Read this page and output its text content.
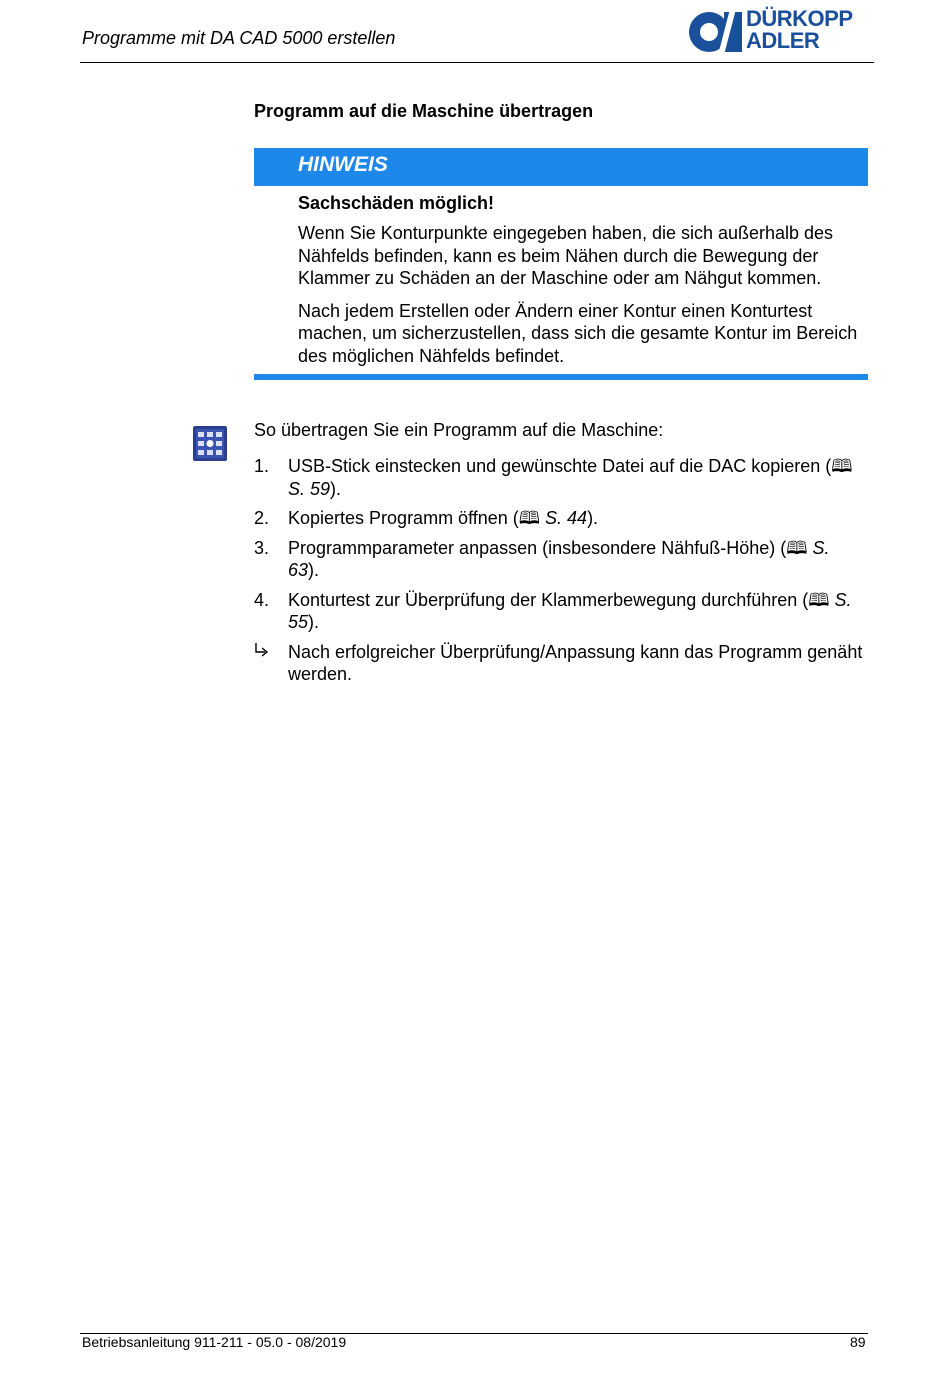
Programme mit DA CAD 5000 erstellen
DÜRKOPP
ADLER
Programm auf die Maschine übertragen
HINWEIS
Sachschäden möglich!
Wenn Sie Konturpunkte eingegeben haben, die sich außerhalb des Nähfelds befinden, kann es beim Nähen durch die Bewegung der Klammer zu Schäden an der Maschine oder am Nähgut kommen.
Nach jedem Erstellen oder Ändern einer Kontur einen Konturtest machen, um sicherzustellen, dass sich die gesamte Kontur im Bereich des möglichen Nähfelds befindet.
So übertragen Sie ein Programm auf die Maschine:
1. USB-Stick einstecken und gewünschte Datei auf die DAC kopieren (🕮 S. 59).
2. Kopiertes Programm öffnen (🕮 S. 44).
3. Programmparameter anpassen (insbesondere Nähfuß-Höhe) (🕮 S. 63).
4. Konturtest zur Überprüfung der Klammerbewegung durchführen (🕮 S. 55).
Nach erfolgreicher Überprüfung/Anpassung kann das Programm genäht werden.
Betriebsanleitung 911-211 - 05.0 - 08/2019	89
